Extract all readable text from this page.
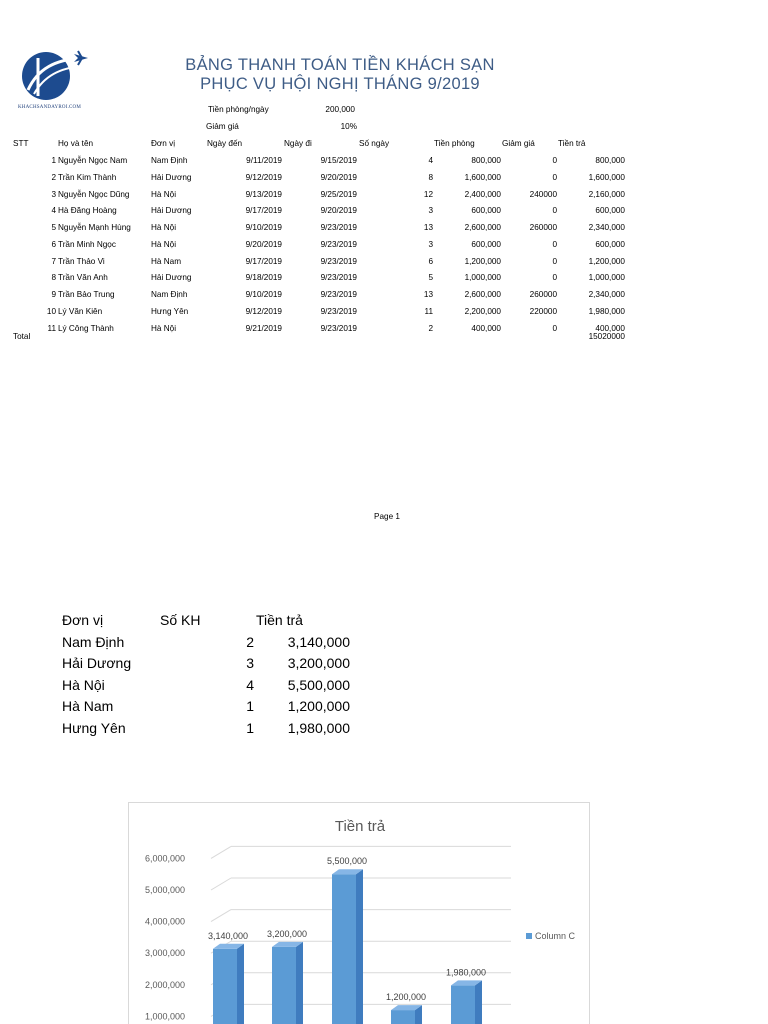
KHACHSANDAYROI.COM
BẢNG THANH TOÁN TIỀN KHÁCH SẠN
PHỤC VỤ HỘI NGHỊ THÁNG 9/2019
Tiền phòng/ngày	200,000
Giảm giá	10%
STT	Họ và tên	Đơn vị	Ngày đến	Ngày đi	Số ngày	Tiền phòng	Giảm giá	Tiền trả
1 Nguyễn Ngọc Nam	Nam Định	9/11/2019	9/15/2019	4	800,000	0	800,000
2 Trần Kim Thành	Hải Dương	9/12/2019	9/20/2019	8	1,600,000	0	1,600,000
3 Nguyễn Ngọc Dũng	Hà Nội	9/13/2019	9/25/2019	12	2,400,000	240000	2,160,000
4 Hà Đăng Hoàng	Hải Dương	9/17/2019	9/20/2019	3	600,000	0	600,000
5 Nguyễn Mạnh Hùng	Hà Nội	9/10/2019	9/23/2019	13	2,600,000	260000	2,340,000
6 Trần Minh Ngọc	Hà Nội	9/20/2019	9/23/2019	3	600,000	0	600,000
7 Trần Thảo Vi	Hà Nam	9/17/2019	9/23/2019	6	1,200,000	0	1,200,000
8 Trần Văn Anh	Hải Dương	9/18/2019	9/23/2019	5	1,000,000	0	1,000,000
9 Trần Bảo Trung	Nam Định	9/10/2019	9/23/2019	13	2,600,000	260000	2,340,000
10 Lý Văn Kiên	Hưng Yên	9/12/2019	9/23/2019	11	2,200,000	220000	1,980,000
11 Lý Công Thành	Hà Nội	9/21/2019	9/23/2019	2	400,000	0	400,000
Total	15020000
Page 1
Đơn vị	Số KH	Tiền trả
Nam Định	2	3,140,000
Hải Dương	3	3,200,000
Hà Nội	4	5,500,000
Hà Nam	1	1,200,000
Hưng Yên	1	1,980,000
Tiền trả
1,000,000
2,000,000
3,000,000
4,000,000
5,000,000
6,000,000
3,140,000 3,200,000
5,500,000
1,200,000
1,980,000
Column C
